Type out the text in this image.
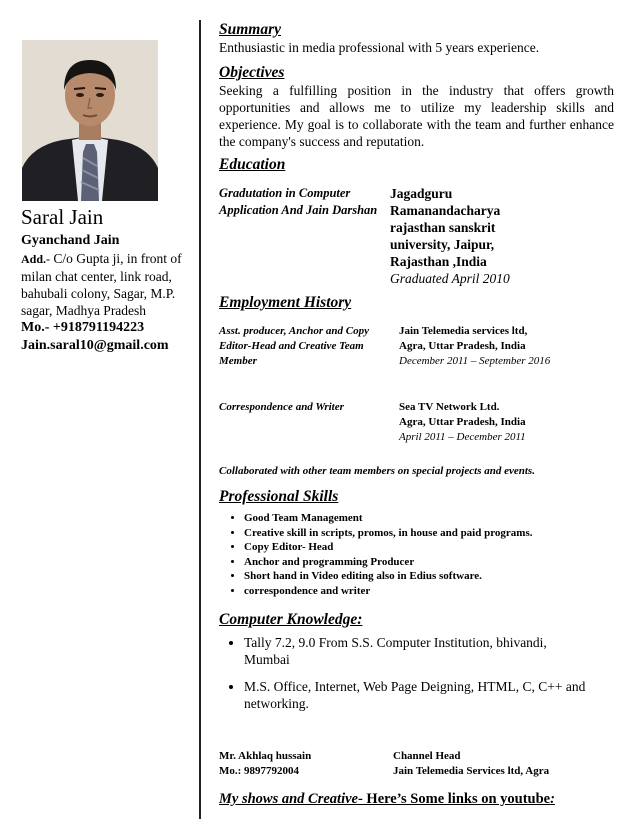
Saral Jain
Gyanchand Jain
Add.- C/o Gupta ji, in front of milan chat center, link road, bahubali colony, Sagar, M.P. sagar, Madhya Pradesh
Mo.- +918791194223
Jain.saral10@gmail.com
Summary
Enthusiastic in media professional with 5 years experience.
Objectives
Seeking a fulfilling position in the industry that offers growth opportunities and allows me to utilize my leadership skills and experience. My goal is to collaborate with the team and further enhance the company's success and reputation.
Education
Gradutation in Computer Application And Jain Darshan
Jagadguru Ramanandacharya rajasthan sanskrit university, Jaipur, Rajasthan ,India
Graduated April 2010
Employment History
Asst. producer, Anchor and Copy Editor-Head and Creative Team Member
Jain Telemedia services ltd,
Agra, Uttar Pradesh, India
December 2011 – September 2016
Correspondence and Writer	Sea TV Network Ltd.
Agra, Uttar Pradesh, India
April 2011 – December 2011
Collaborated with other team members on special projects and events.
Professional Skills
• Good Team Management
• Creative skill in scripts, promos, in house and paid programs.
• Copy Editor- Head
• Anchor and programming Producer
• Short hand in Video editing also in Edius software.
• correspondence and writer
Computer Knowledge:
• Tally 7.2, 9.0 From S.S. Computer Institution, bhivandi, Mumbai
• M.S. Office, Internet, Web Page Deigning, HTML, C, C++ and networking.
Mr. Akhlaq hussain
Mo.: 9897792004
Channel Head
Jain Telemedia Services ltd, Agra
My shows and Creative- Here’s Some links on youtube:
